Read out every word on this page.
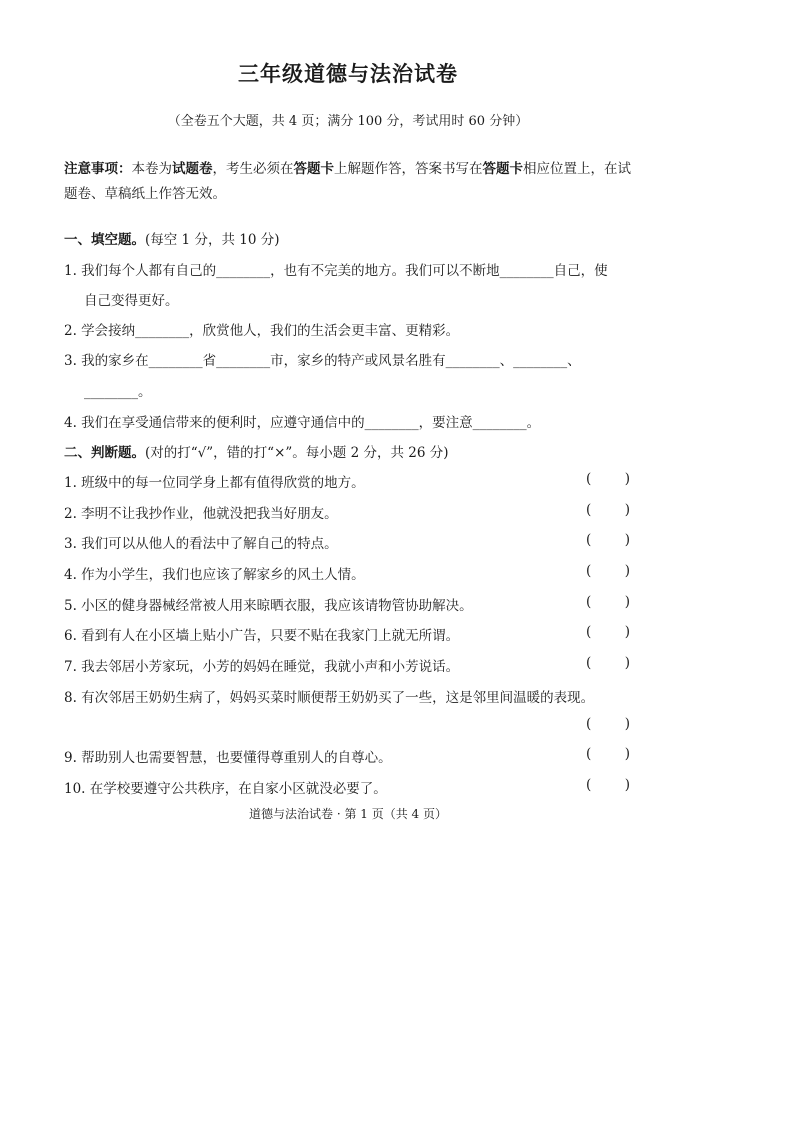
三年级道德与法治试卷
（全卷五个大题，共 4 页；满分 100 分，考试用时 60 分钟）
注意事项：本卷为试题卷，考生必须在答题卡上解题作答，答案书写在答题卡相应位置上，在试题卷、草稿纸上作答无效。
一、填空题。(每空 1 分，共 10 分)
1. 我们每个人都有自己的________，也有不完美的地方。我们可以不断地________自己，使
自己变得更好。
2. 学会接纳________，欣赏他人，我们的生活会更丰富、更精彩。
3. 我的家乡在________省________市，家乡的特产或风景名胜有________、________、
________。
4. 我们在享受通信带来的便利时，应遵守通信中的________，要注意________。
二、判断题。(对的打“√”，错的打“×”。每小题 2 分，共 26 分)
1. 班级中的每一位同学身上都有值得欣赏的地方。	( )
2. 李明不让我抄作业，他就没把我当好朋友。	( )
3. 我们可以从他人的看法中了解自己的特点。	( )
4. 作为小学生，我们也应该了解家乡的风土人情。	( )
5. 小区的健身器械经常被人用来晾晒衣服，我应该请物管协助解决。	( )
6. 看到有人在小区墙上贴小广告，只要不贴在我家门上就无所谓。	( )
7. 我去邻居小芳家玩，小芳的妈妈在睡觉，我就小声和小芳说话。	( )
8. 有次邻居王奶奶生病了，妈妈买菜时顺便帮王奶奶买了一些，这是邻里间温暖的表现。
( )
9. 帮助别人也需要智慧，也要懂得尊重别人的自尊心。	( )
10. 在学校要遵守公共秩序，在自家小区就没必要了。	( )
道德与法治试卷 · 第 1 页（共 4 页）
